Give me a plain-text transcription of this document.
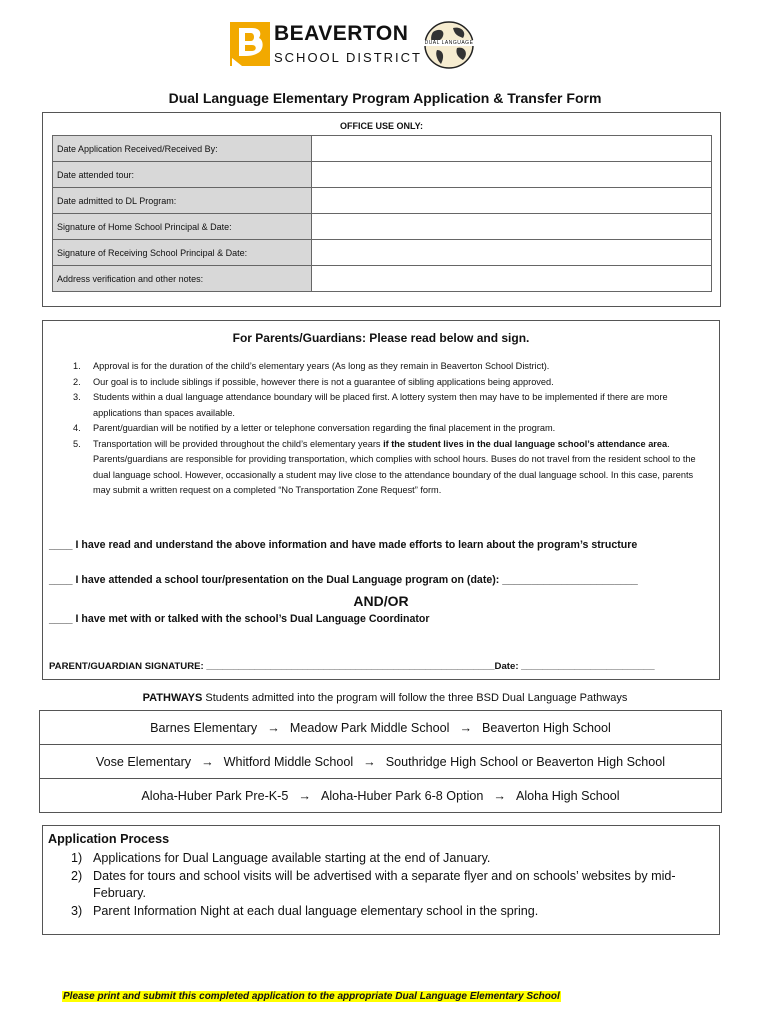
BEAVERTON
SCHOOL DISTRICT
DUAL LANGUAGE
Dual Language Elementary Program Application & Transfer Form
OFFICE USE ONLY:
Date Application Received/Received By:	
Date attended tour:	
Date admitted to DL Program:	
Signature of Home School Principal & Date:	
Signature of Receiving School Principal & Date:	
Address verification and other notes:	
For Parents/Guardians: Please read below and sign.
1. Approval is for the duration of the child’s elementary years (As long as they remain in Beaverton School District).
2. Our goal is to include siblings if possible, however there is not a guarantee of sibling applications being approved.
3. Students within a dual language attendance boundary will be placed first. A lottery system then may have to be implemented if there are more applications than spaces available.
4. Parent/guardian will be notified by a letter or telephone conversation regarding the final placement in the program.
5. Transportation will be provided throughout the child’s elementary years if the student lives in the dual language school’s attendance area. Parents/guardians are responsible for providing transportation, which complies with school hours. Buses do not travel from the resident school to the dual language school. However, occasionally a student may live close to the attendance boundary of the dual language school. In this case, parents may submit a written request on a completed “No Transportation Zone Request” form.
____ I have read and understand the above information and have made efforts to learn about the program’s structure
____ I have attended a school tour/presentation on the Dual Language program on (date): _______________________
AND/OR
____ I have met with or talked with the school’s Dual Language Coordinator
PARENT/GUARDIAN SIGNATURE: ______________________________________________________Date: _________________________
PATHWAYS Students admitted into the program will follow the three BSD Dual Language Pathways
Barnes Elementary → Meadow Park Middle School → Beaverton High School
Vose Elementary → Whitford Middle School → Southridge High School or Beaverton High School
Aloha-Huber Park Pre-K-5 → Aloha-Huber Park 6-8 Option → Aloha High School
Application Process
1) Applications for Dual Language available starting at the end of January.
2) Dates for tours and school visits will be advertised with a separate flyer and on schools’ websites by mid-February.
3) Parent Information Night at each dual language elementary school in the spring.
Please print and submit this completed application to the appropriate Dual Language Elementary School
